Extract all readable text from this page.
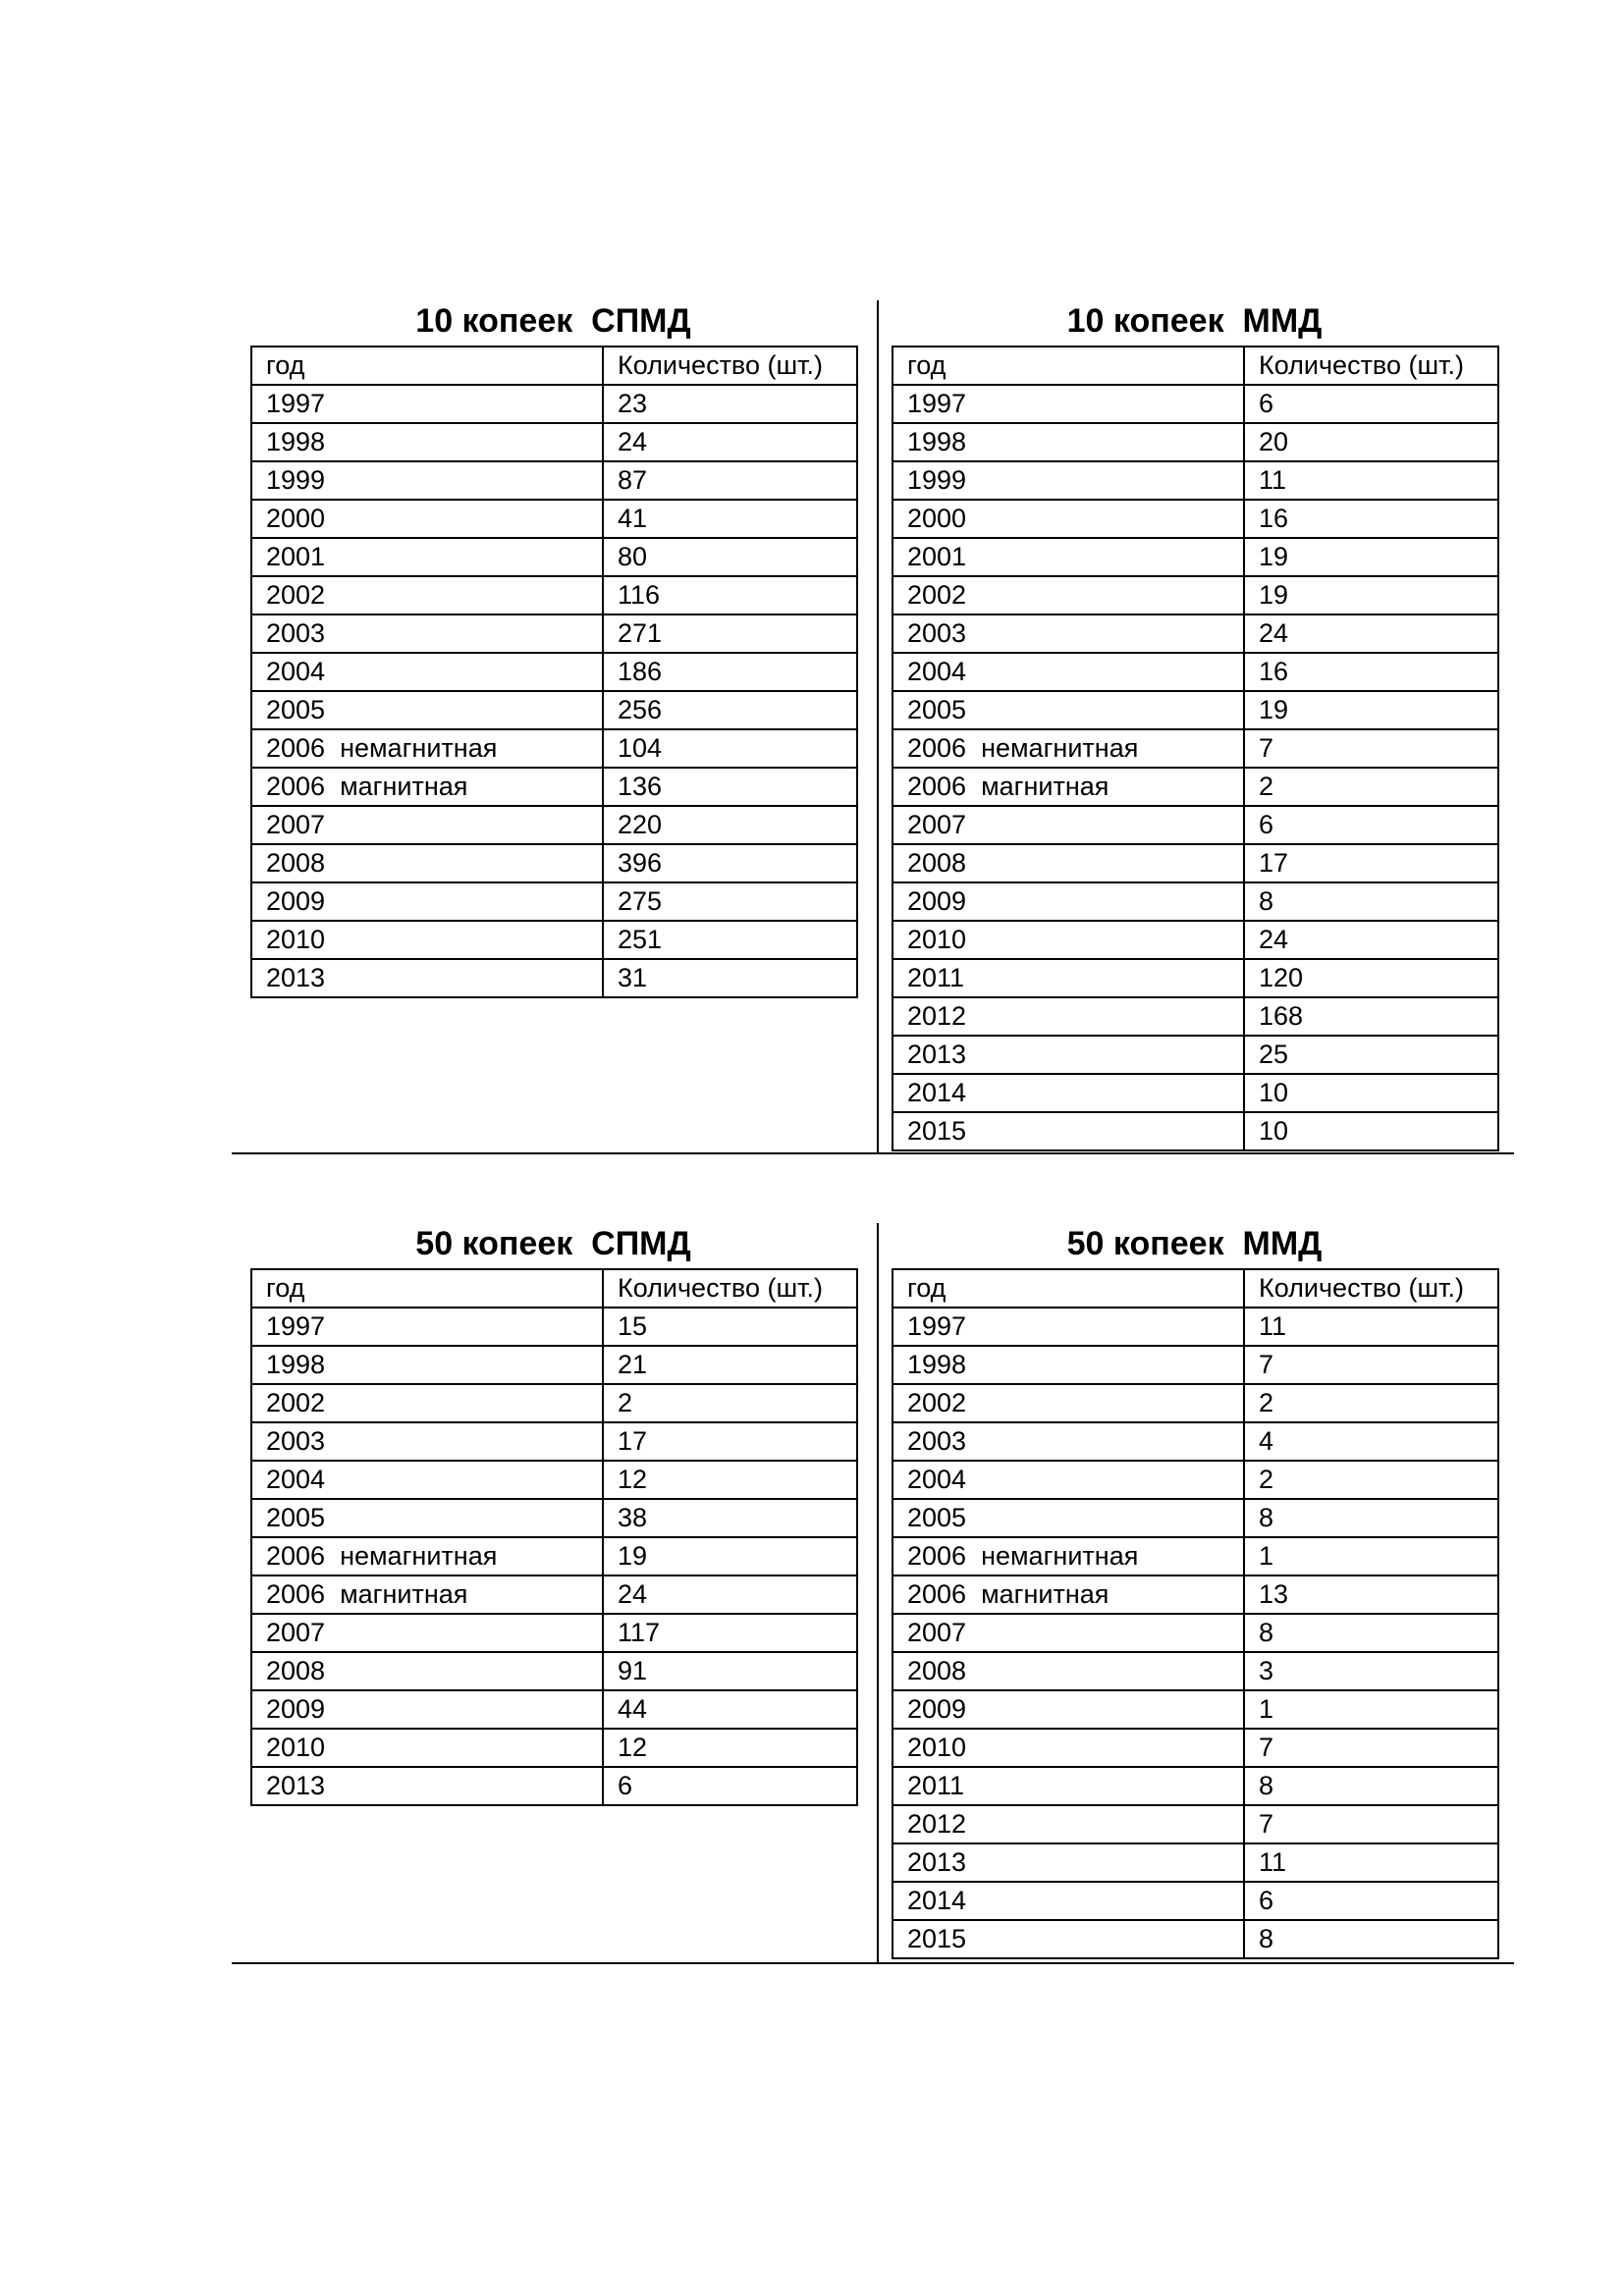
10 копеек  СПМД
год	Количество (шт.)
1997	23
1998	24
1999	87
2000	41
2001	80
2002	116
2003	271
2004	186
2005	256
2006  немагнитная	104
2006  магнитная	136
2007	220
2008	396
2009	275
2010	251
2013	31
10 копеек  ММД
год	Количество (шт.)
1997	6
1998	20
1999	11
2000	16
2001	19
2002	19
2003	24
2004	16
2005	19
2006  немагнитная	7
2006  магнитная	2
2007	6
2008	17
2009	8
2010	24
2011	120
2012	168
2013	25
2014	10
2015	10
50 копеек  СПМД
год	Количество (шт.)
1997	15
1998	21
2002	2
2003	17
2004	12
2005	38
2006  немагнитная	19
2006  магнитная	24
2007	117
2008	91
2009	44
2010	12
2013	6
50 копеек  ММД
год	Количество (шт.)
1997	11
1998	7
2002	2
2003	4
2004	2
2005	8
2006  немагнитная	1
2006  магнитная	13
2007	8
2008	3
2009	1
2010	7
2011	8
2012	7
2013	11
2014	6
2015	8
